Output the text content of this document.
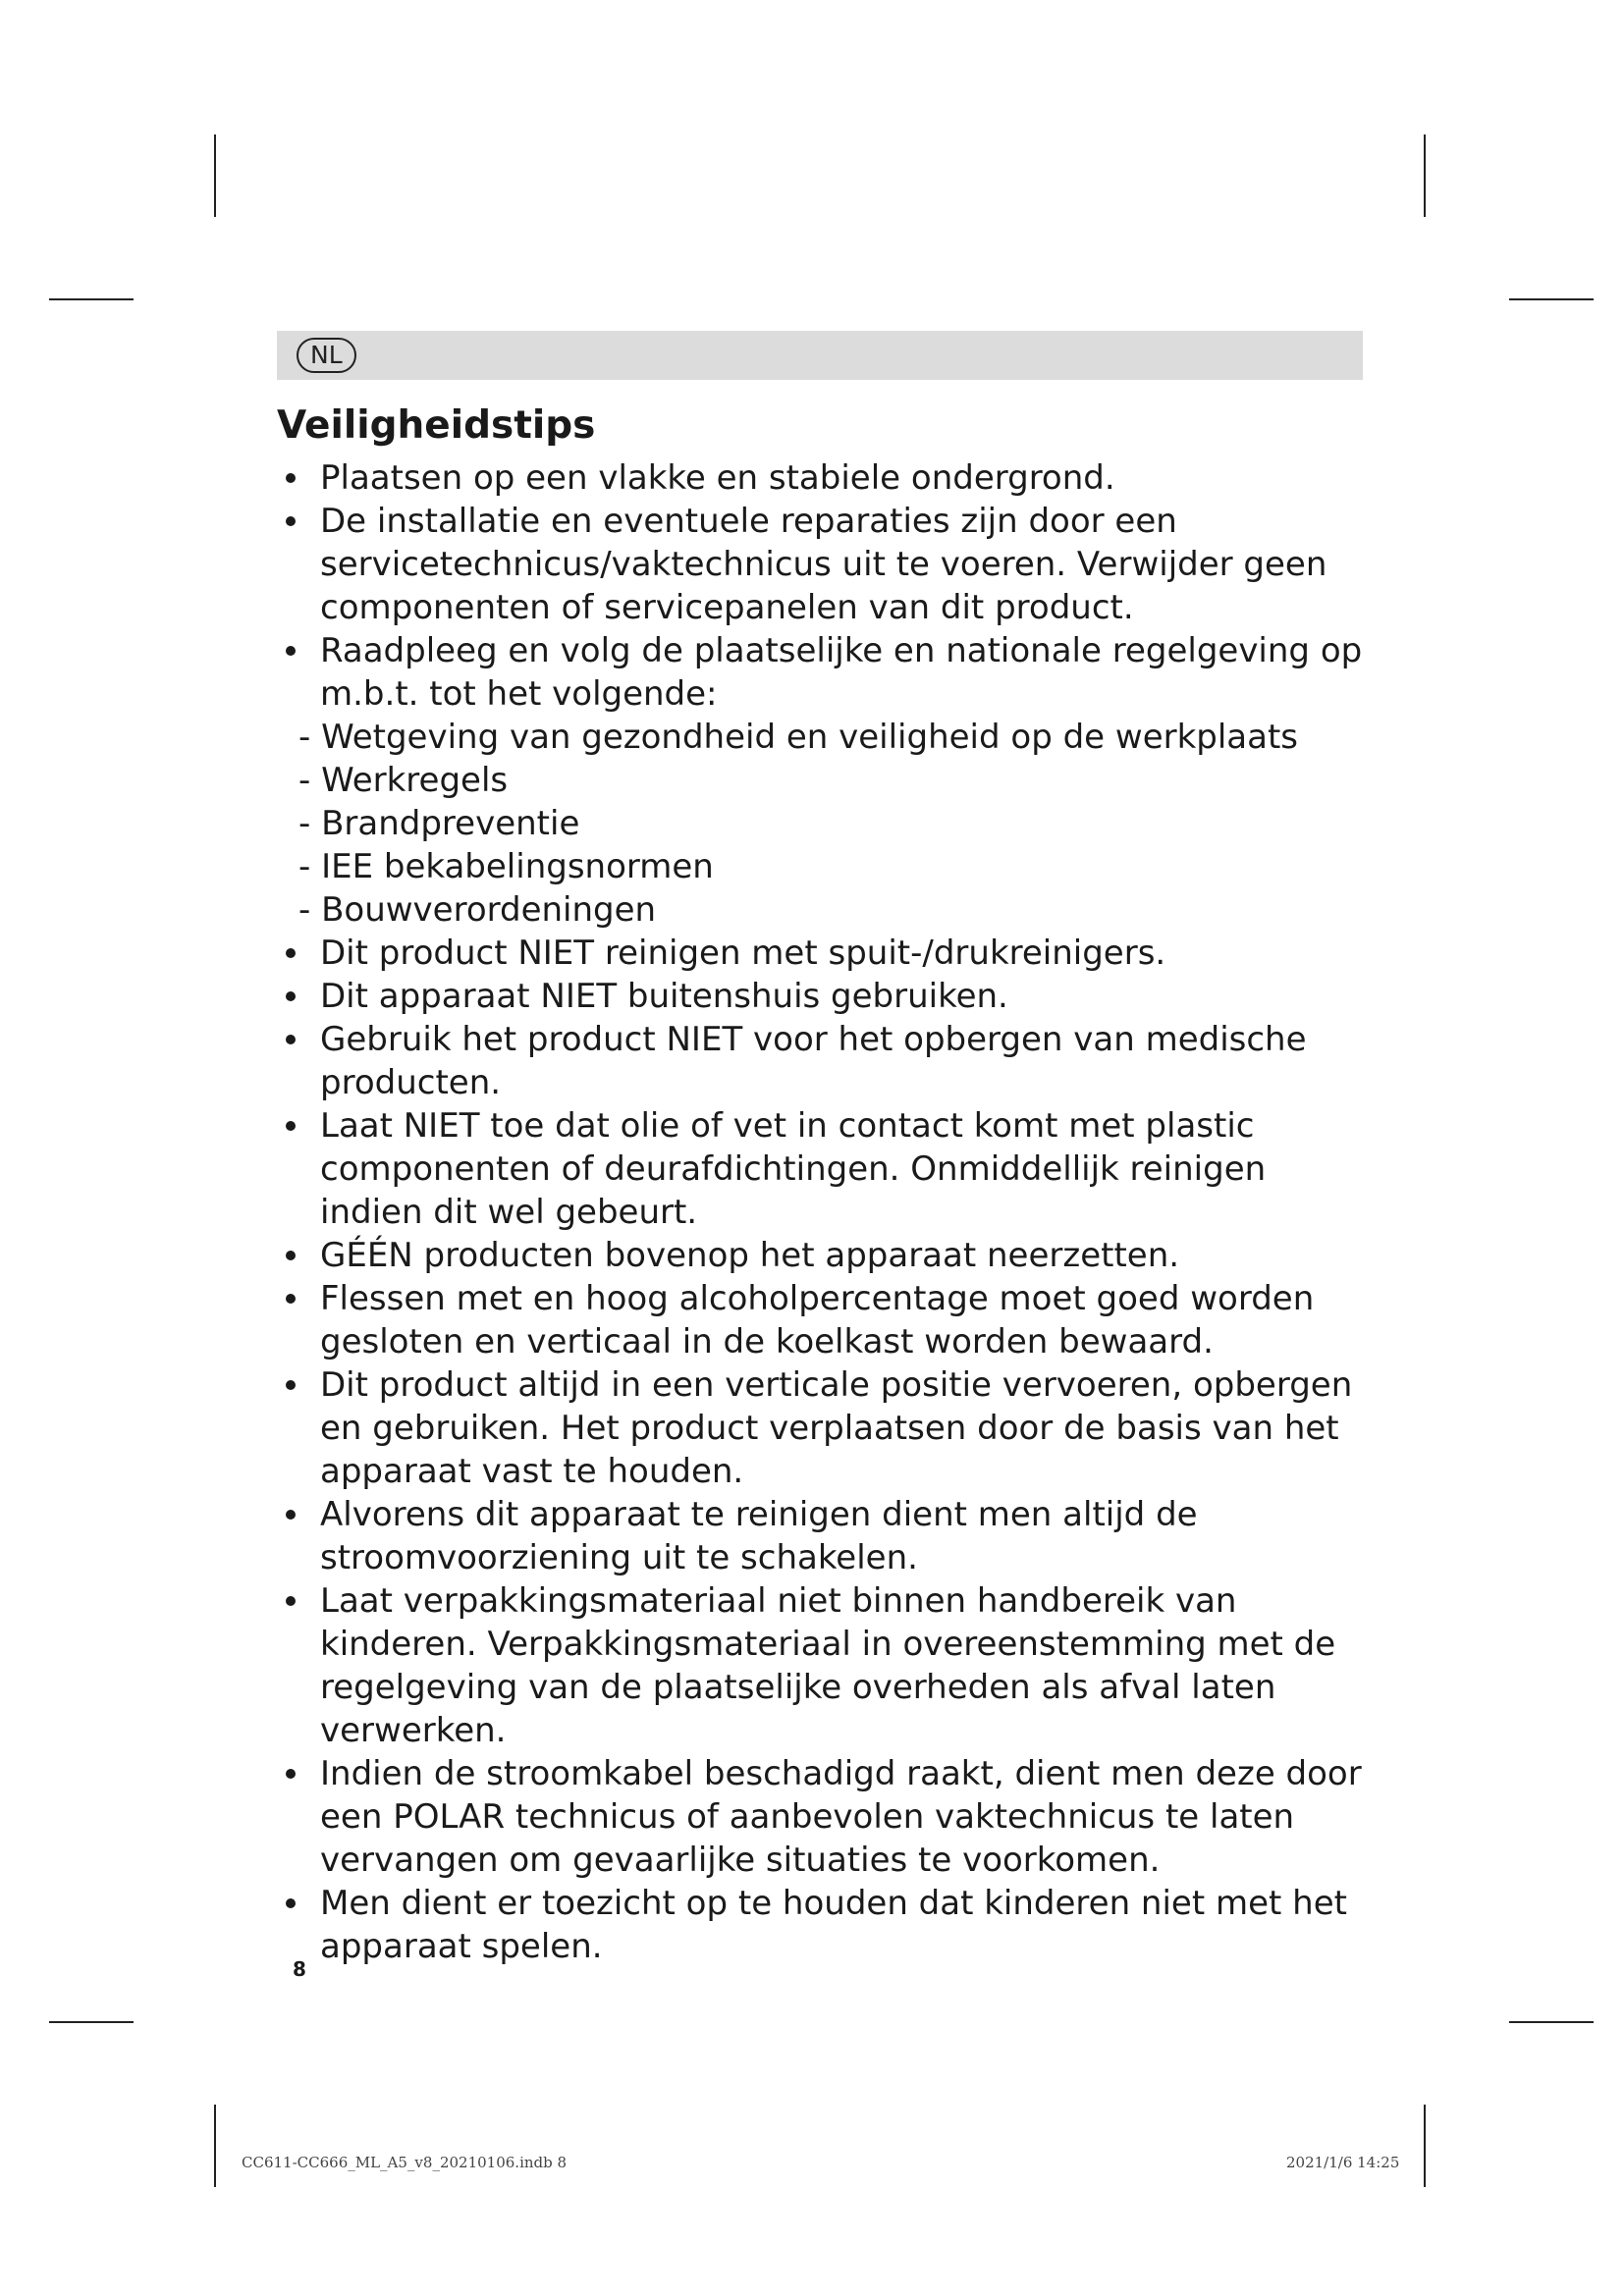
NL
Veiligheidstips
Plaatsen op een vlakke en stabiele ondergrond.
De installatie en eventuele reparaties zijn door een servicetechnicus/vaktechnicus uit te voeren. Verwijder geen componenten of servicepanelen van dit product.
Raadpleeg en volg de plaatselijke en nationale regelgeving op m.b.t. tot het volgende:
- Wetgeving van gezondheid en veiligheid op de werkplaats
- Werkregels
- Brandpreventie
- IEE bekabelingsnormen
- Bouwverordeningen
Dit product NIET reinigen met spuit-/drukreinigers.
Dit apparaat NIET buitenshuis gebruiken.
Gebruik het product NIET voor het opbergen van medische producten.
Laat NIET toe dat olie of vet in contact komt met plastic componenten of deurafdichtingen. Onmiddellijk reinigen indien dit wel gebeurt.
GÉÉN producten bovenop het apparaat neerzetten.
Flessen met en hoog alcoholpercentage moet goed worden gesloten en verticaal in de koelkast worden bewaard.
Dit product altijd in een verticale positie vervoeren, opbergen en gebruiken. Het product verplaatsen door de basis van het apparaat vast te houden.
Alvorens dit apparaat te reinigen dient men altijd de stroomvoorziening uit te schakelen.
Laat verpakkingsmateriaal niet binnen handbereik van kinderen. Verpakkingsmateriaal in overeenstemming met de regelgeving van de plaatselijke overheden als afval laten verwerken.
Indien de stroomkabel beschadigd raakt, dient men deze door een POLAR technicus of aanbevolen vaktechnicus te laten vervangen om gevaarlijke situaties te voorkomen.
Men dient er toezicht op te houden dat kinderen niet met het apparaat spelen.
8
CC611-CC666_ML_A5_v8_20210106.indb 8	2021/1/6 14:25
